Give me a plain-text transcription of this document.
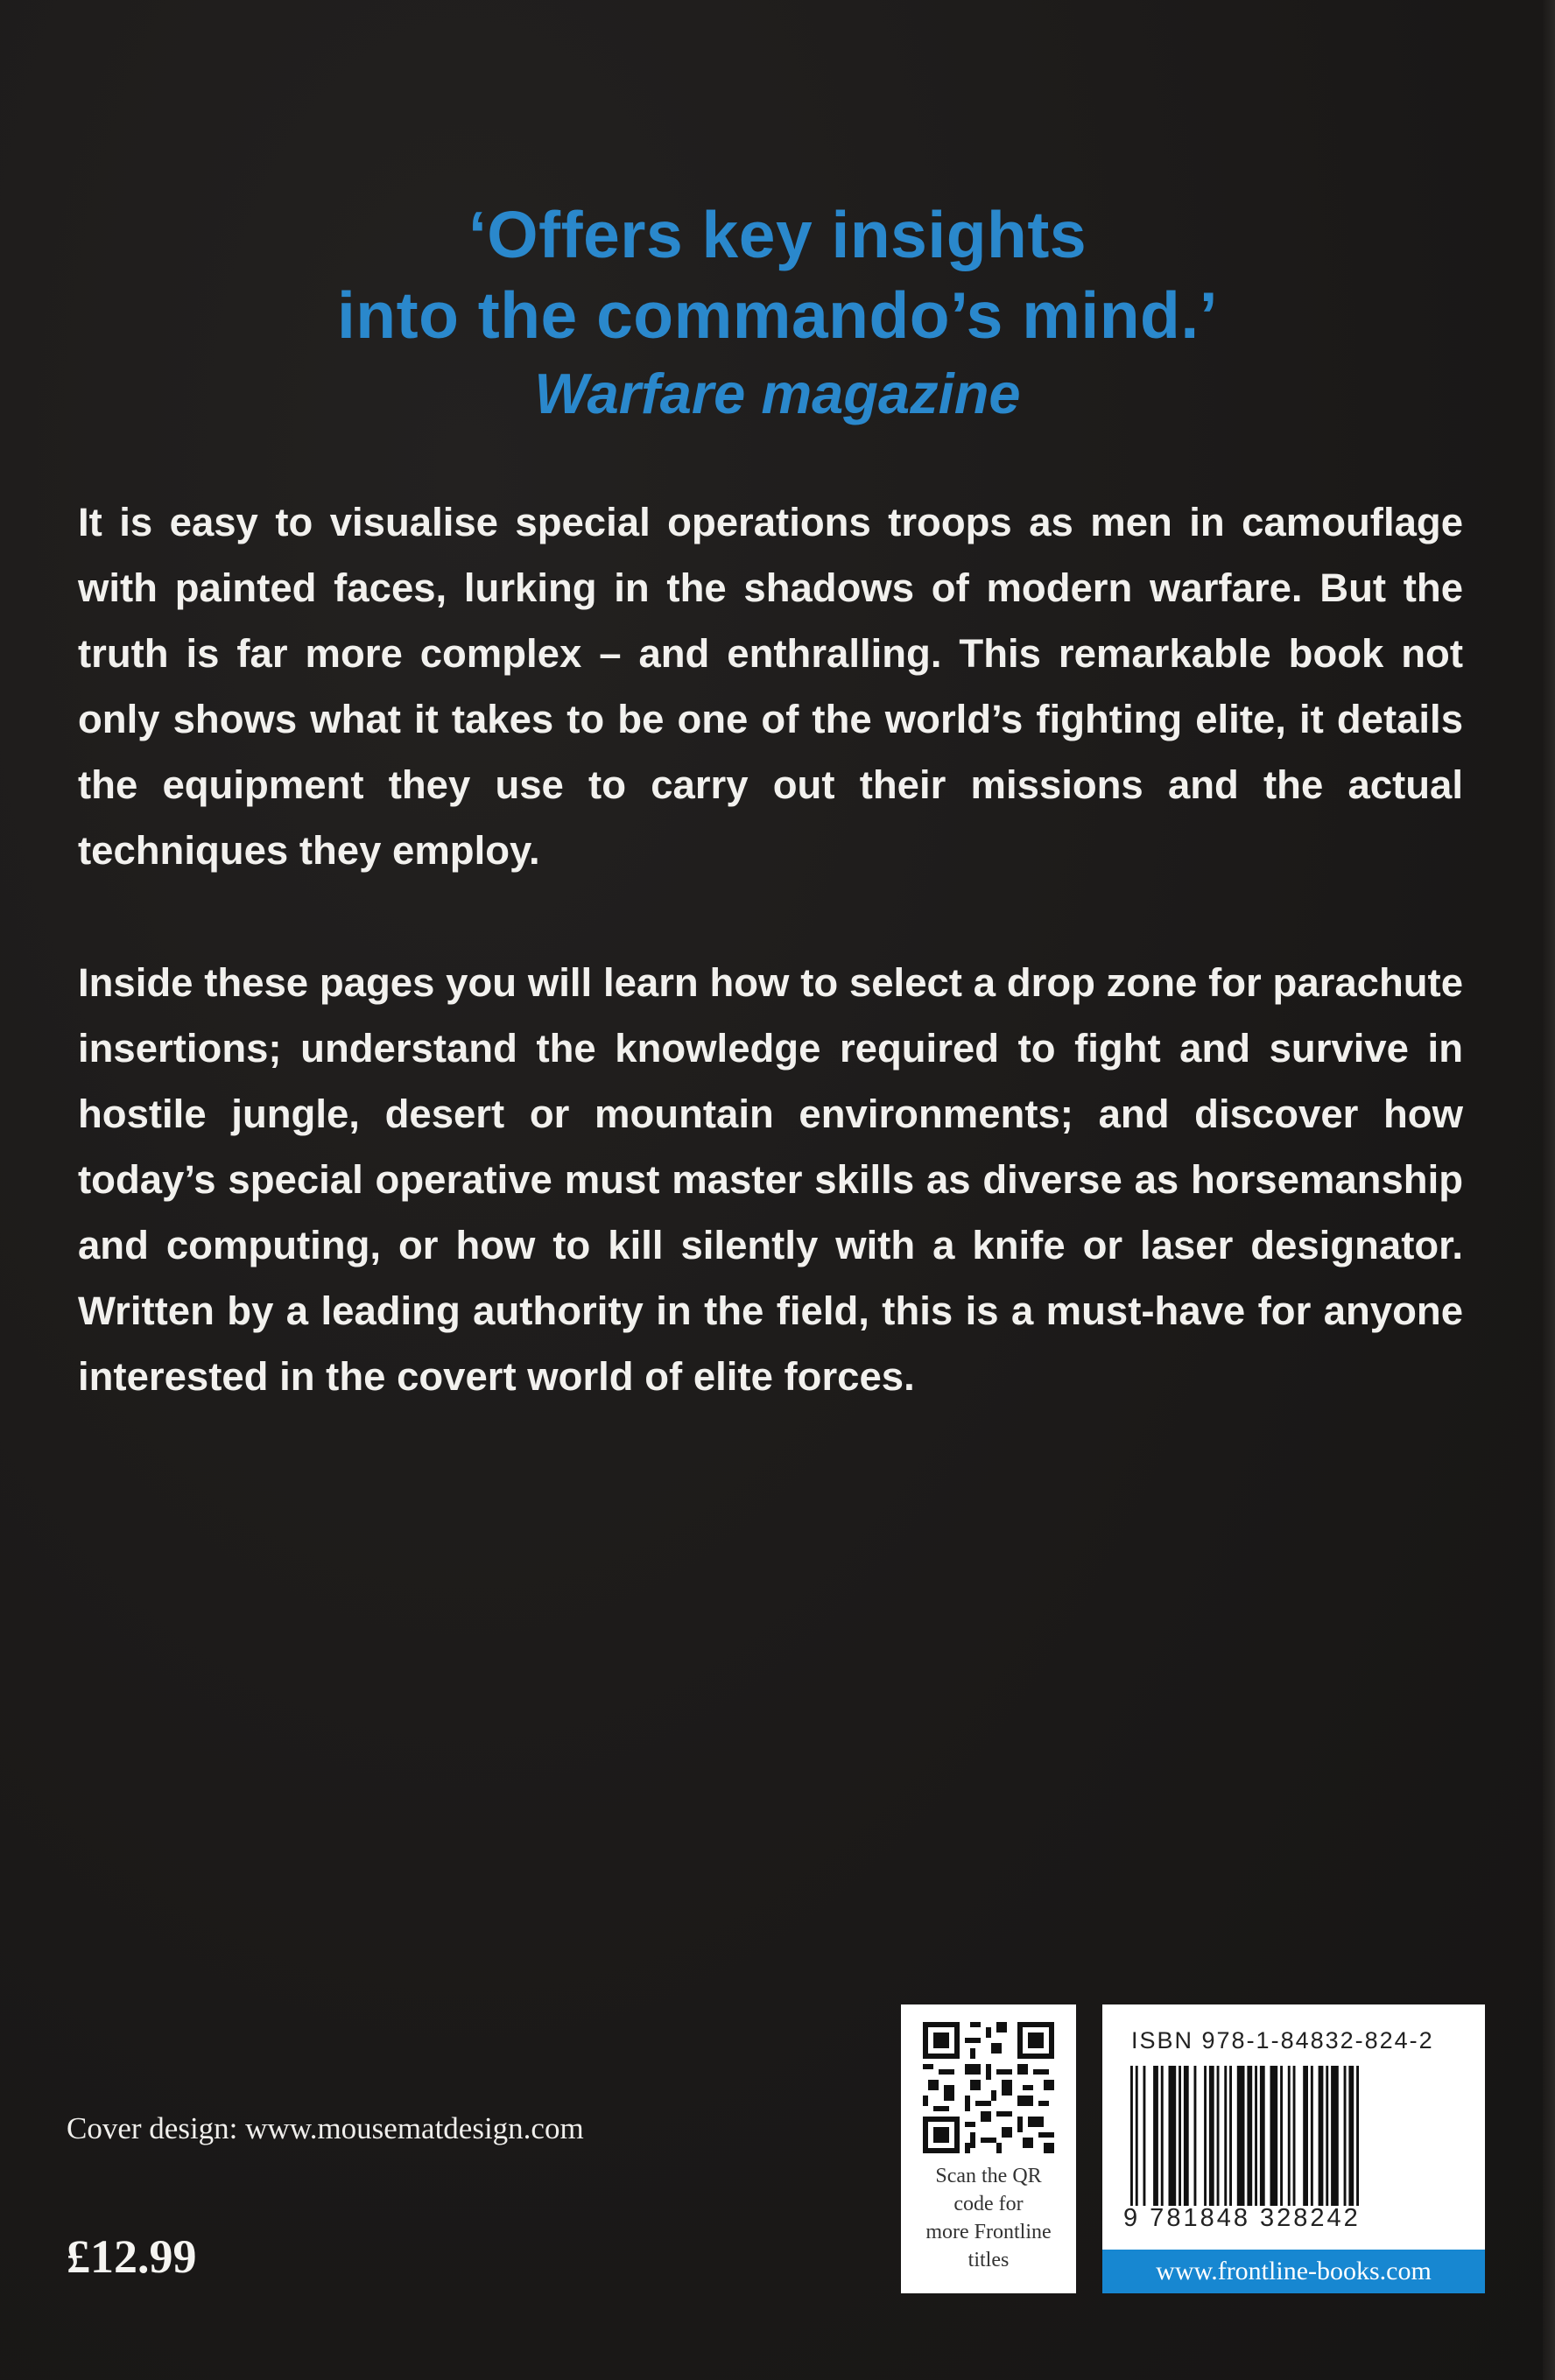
‘Offers key insights

into the commando’s mind.’

Warfare magazine

It is easy to visualise special operations troops as men in camouflage with painted faces, lurking in the shadows of modern warfare. But the truth is far more complex – and enthralling. This remarkable book not only shows what it takes to be one of the world’s fighting elite, it details the equipment they use to carry out their missions and the actual techniques they employ.

Inside these pages you will learn how to select a drop zone for parachute insertions; understand the knowledge required to fight and survive in hostile jungle, desert or mountain environments; and discover how today’s special operative must master skills as diverse as horsemanship and computing, or how to kill silently with a knife or laser designator. Written by a leading authority in the field, this is a must-have for anyone interested in the covert world of elite forces.

Cover design: www.mousematdesign.com
£12.99
Scan the QR
code for
more Frontline
titles
ISBN 978-1-84832-824-2
9 781848 328242
www.frontline-books.com
